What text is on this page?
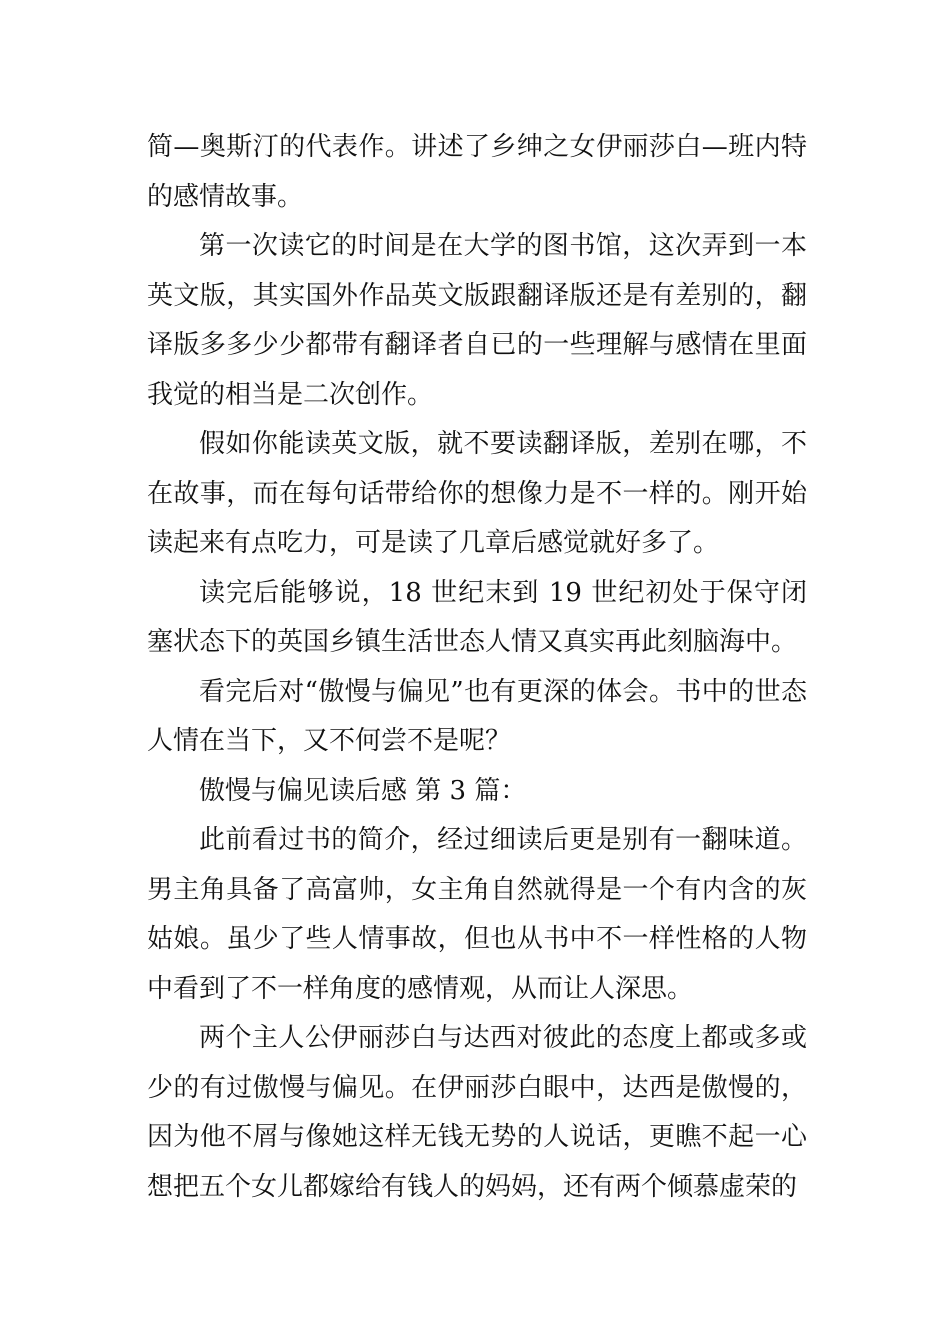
简—奥斯汀的代表作。讲述了乡绅之女伊丽莎白—班内特的感情故事。

第一次读它的时间是在大学的图书馆，这次弄到一本英文版，其实国外作品英文版跟翻译版还是有差别的，翻译版多多少少都带有翻译者自已的一些理解与感情在里面我觉的相当是二次创作。

假如你能读英文版，就不要读翻译版，差别在哪，不在故事，而在每句话带给你的想像力是不一样的。刚开始读起来有点吃力，可是读了几章后感觉就好多了。

读完后能够说，18 世纪末到 19 世纪初处于保守闭塞状态下的英国乡镇生活世态人情又真实再此刻脑海中。

看完后对“傲慢与偏见”也有更深的体会。书中的世态人情在当下，又不何尝不是呢？

傲慢与偏见读后感 第 3 篇：

此前看过书的简介，经过细读后更是别有一翻味道。男主角具备了高富帅，女主角自然就得是一个有内含的灰姑娘。虽少了些人情事故，但也从书中不一样性格的人物中看到了不一样角度的感情观，从而让人深思。

两个主人公伊丽莎白与达西对彼此的态度上都或多或少的有过傲慢与偏见。在伊丽莎白眼中，达西是傲慢的，因为他不屑与像她这样无钱无势的人说话，更瞧不起一心想把五个女儿都嫁给有钱人的妈妈，还有两个倾慕虚荣的
